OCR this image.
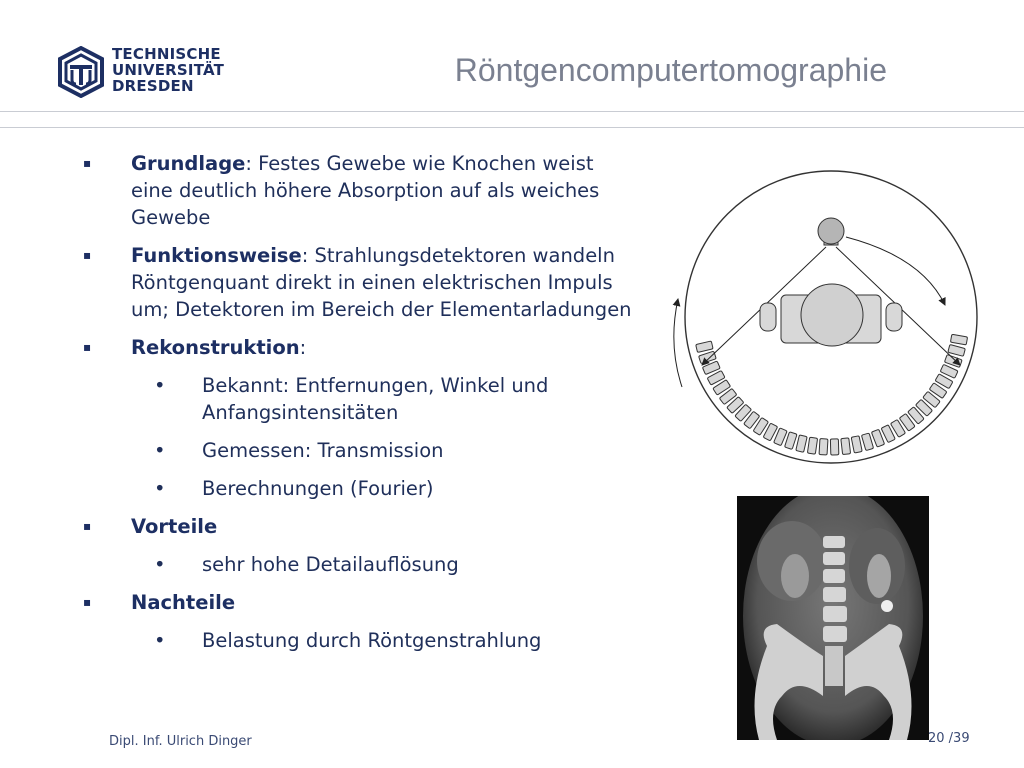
TECHNISCHE
UNIVERSITÄT
DRESDEN	Röntgencomputertomographie
▪ Grundlage: Festes Gewebe wie Knochen weist eine deutlich höhere Absorption auf als weiches Gewebe
▪ Funktionsweise: Strahlungsdetektoren wandeln Röntgenquant direkt in einen elektrischen Impuls um; Detektoren im Bereich der Elementarladungen
▪ Rekonstruktion:
• Bekannt: Entfernungen, Winkel und Anfangsintensitäten
• Gemessen: Transmission
• Berechnungen (Fourier)
▪ Vorteile
• sehr hohe Detailauflösung
▪ Nachteile
• Belastung durch Röntgenstrahlung
Dipl. Inf. Ulrich Dinger	20 /39
